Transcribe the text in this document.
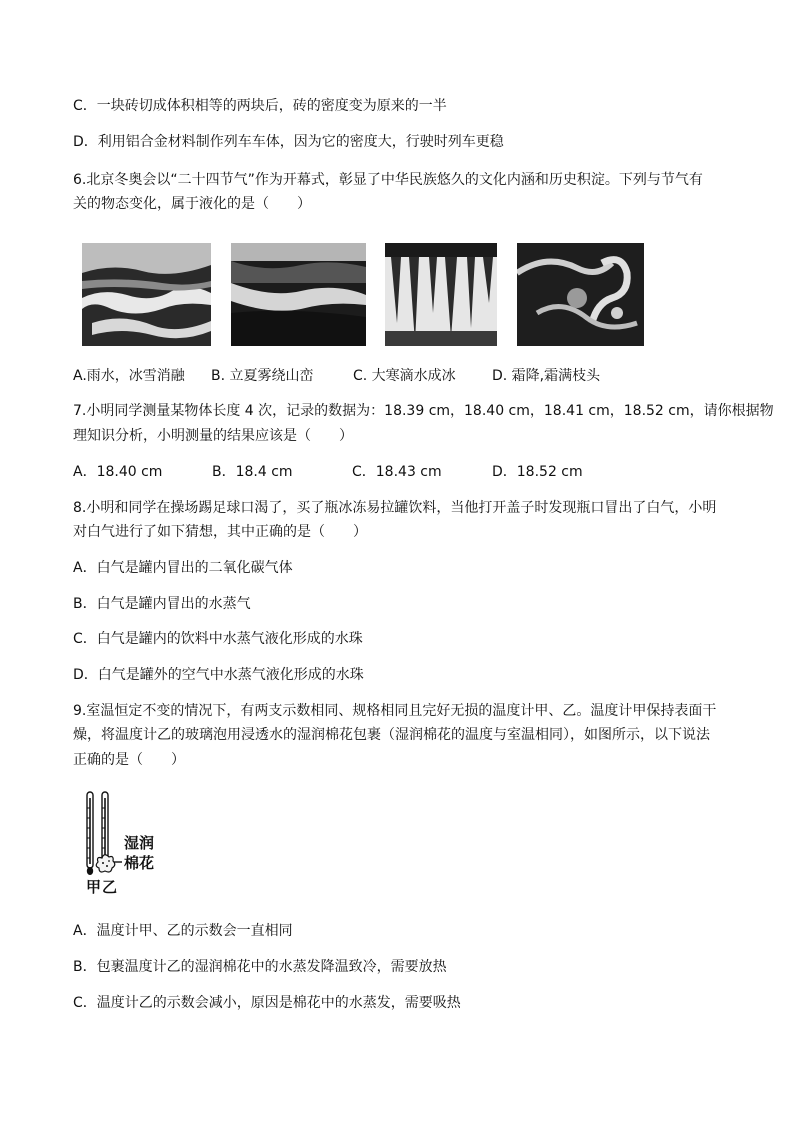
C．一块砖切成体积相等的两块后，砖的密度变为原来的一半
D．利用铝合金材料制作列车车体，因为它的密度大，行驶时列车更稳
6.北京冬奥会以“二十四节气”作为开幕式，彰显了中华民族悠久的文化内涵和历史积淀。下列与节气有
关的物态变化，属于液化的是（　　）
A.雨水，冰雪消融 B. 立夏雾绕山峦	C. 大寒滴水成冰	D. 霜降,霜满枝头
7.小明同学测量某物体长度 4 次，记录的数据为：18.39 cm，18.40 cm，18.41 cm，18.52 cm，请你根据物
理知识分析，小明测量的结果应该是（　　）
A．18.40 cm	B．18.4 cm	C．18.43 cm	D．18.52 cm
8.小明和同学在操场踢足球口渴了，买了瓶冰冻易拉罐饮料，当他打开盖子时发现瓶口冒出了白气，小明
对白气进行了如下猜想，其中正确的是（　　）
A．白气是罐内冒出的二氧化碳气体
B．白气是罐内冒出的水蒸气
C．白气是罐内的饮料中水蒸气液化形成的水珠
D．白气是罐外的空气中水蒸气液化形成的水珠
9.室温恒定不变的情况下，有两支示数相同、规格相同且完好无损的温度计甲、乙。温度计甲保持表面干
燥，将温度计乙的玻璃泡用浸透水的湿润棉花包裹（湿润棉花的温度与室温相同），如图所示，以下说法
正确的是（　　）
湿润
棉花
甲 乙
A．温度计甲、乙的示数会一直相同
B．包裹温度计乙的湿润棉花中的水蒸发降温致冷，需要放热
C．温度计乙的示数会减小，原因是棉花中的水蒸发，需要吸热
